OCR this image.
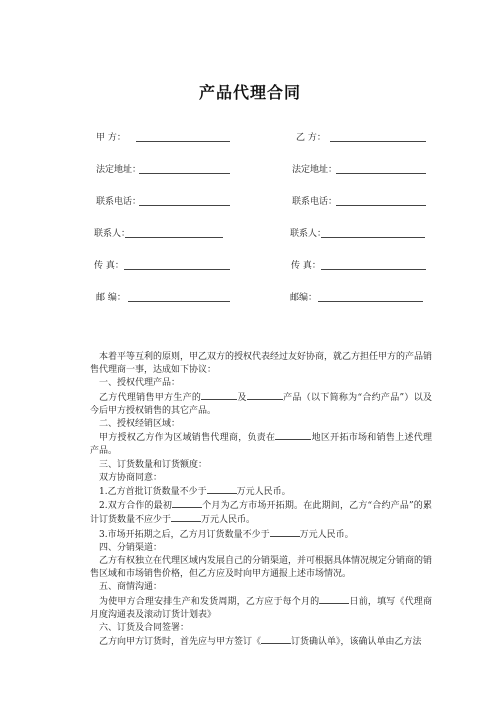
产品代理合同
甲 方：	乙 方：
法定地址：	法定地址：
联系电话：	联系电话：
联系人：	联系人：
传 真：	传 真：
邮 编：	邮编：

本着平等互利的原则，甲乙双方的授权代表经过友好协商，就乙方担任甲方的产品销售代理商一事，达成如下协议：

一、授权代理产品：

乙方代理销售甲方生产的	及	产品（以下简称为“合约产品”）以及今后甲方授权销售的其它产品。

二、授权经销区域：

甲方授权乙方作为区域销售代理商，负责在	地区开拓市场和销售上述代理产品。

三、订货数量和订货额度：

双方协商同意：

1.乙方首批订货数量不少于	万元人民币。

2.双方合作的最初	个月为乙方市场开拓期。在此期间，乙方“合约产品”的累计订货数量不应少于	万元人民币。

3.市场开拓期之后，乙方月订货数量不少于	万元人民币。

四、分销渠道：

乙方有权独立在代理区域内发展自己的分销渠道，并可根据具体情况规定分销商的销售区域和市场销售价格，但乙方应及时向甲方通报上述市场情况。

五、商情沟通：

为使甲方合理安排生产和发货周期，乙方应于每个月的	日前，填写《代理商月度沟通表及滚动订货计划表》

六、订货及合同签署：

乙方向甲方订货时，首先应与甲方签订《	订货确认单》，该确认单由乙方法
